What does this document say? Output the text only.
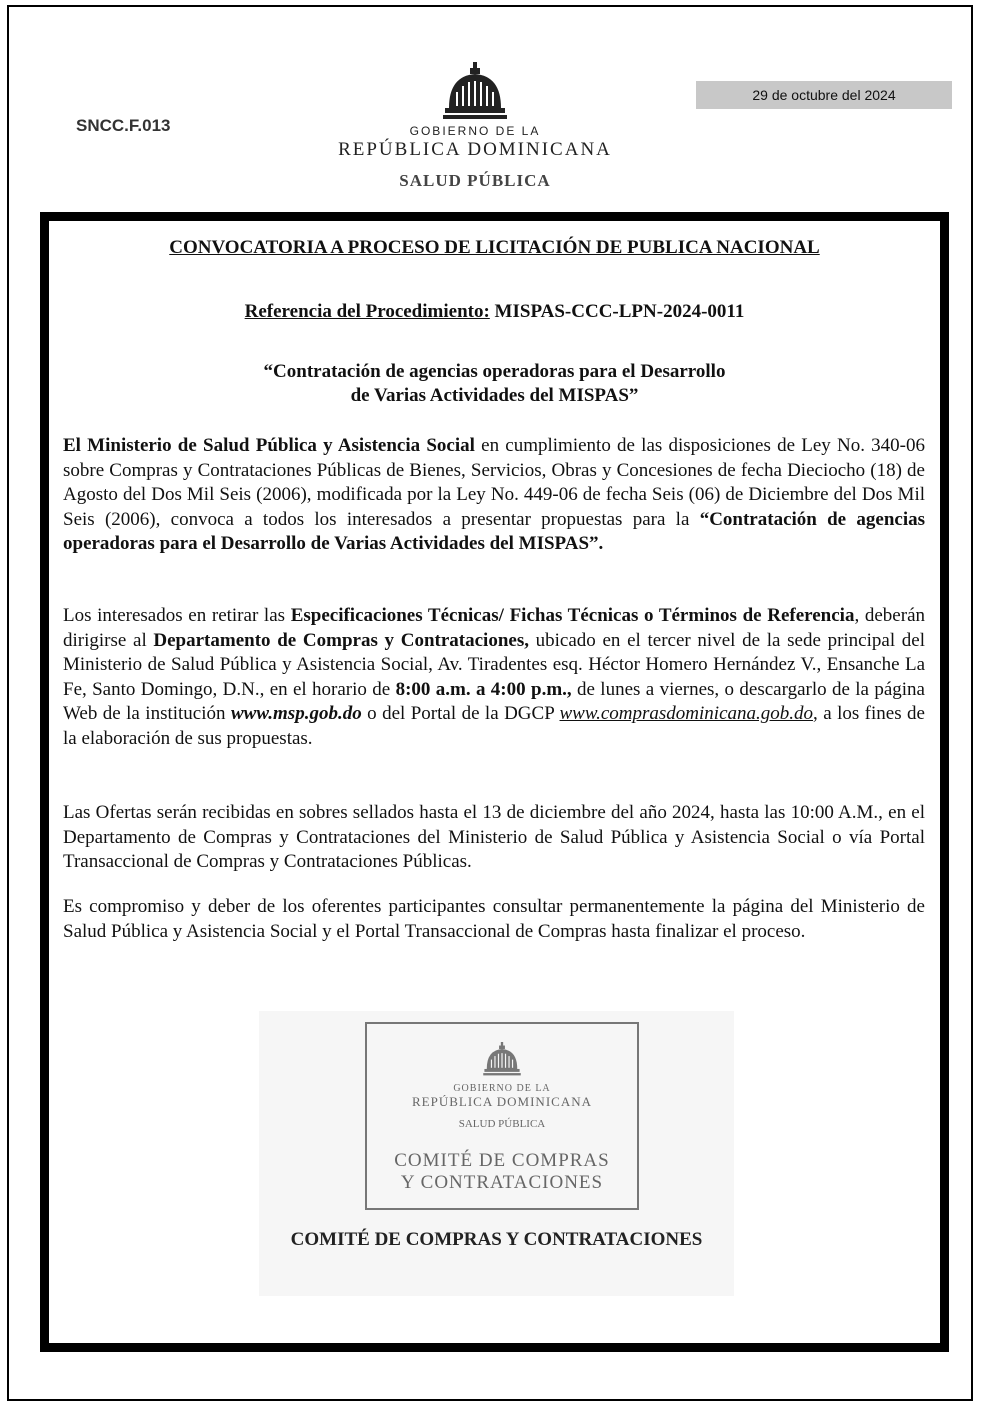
SNCC.F.013
29 de octubre del 2024
GOBIERNO DE LA
REPÚBLICA DOMINICANA
SALUD PÚBLICA
CONVOCATORIA A PROCESO DE LICITACIÓN DE PUBLICA NACIONAL
Referencia del Procedimiento: MISPAS-CCC-LPN-2024-0011
“Contratación de agencias operadoras para el Desarrollo
de Varias Actividades del MISPAS”

El Ministerio de Salud Pública y Asistencia Social en cumplimiento de las disposiciones de Ley No. 340-06 sobre Compras y Contrataciones Públicas de Bienes, Servicios, Obras y Concesiones de fecha Dieciocho (18) de Agosto del Dos Mil Seis (2006), modificada por la Ley No. 449-06 de fecha Seis (06) de Diciembre del Dos Mil Seis (2006), convoca a todos los interesados a presentar propuestas para la “Contratación de agencias operadoras para el Desarrollo de Varias Actividades del MISPAS”.

Los interesados en retirar las Especificaciones Técnicas/ Fichas Técnicas o Términos de Referencia, deberán dirigirse al Departamento de Compras y Contrataciones, ubicado en el tercer nivel de la sede principal del Ministerio de Salud Pública y Asistencia Social, Av. Tiradentes esq. Héctor Homero Hernández V., Ensanche La Fe, Santo Domingo, D.N., en el horario de 8:00 a.m. a 4:00 p.m., de lunes a viernes, o descargarlo de la página Web de la institución www.msp.gob.do o del Portal de la DGCP www.comprasdominicana.gob.do, a los fines de la elaboración de sus propuestas.

Las Ofertas serán recibidas en sobres sellados hasta el 13 de diciembre del año 2024, hasta las 10:00 A.M., en el Departamento de Compras y Contrataciones del Ministerio de Salud Pública y Asistencia Social o vía Portal Transaccional de Compras y Contrataciones Públicas.

Es compromiso y deber de los oferentes participantes consultar permanentemente la página del Ministerio de Salud Pública y Asistencia Social y el Portal Transaccional de Compras hasta finalizar el proceso.

GOBIERNO DE LA
REPÚBLICA DOMINICANA
SALUD PÚBLICA
COMITÉ DE COMPRAS
Y CONTRATACIONES
COMITÉ DE COMPRAS Y CONTRATACIONES
